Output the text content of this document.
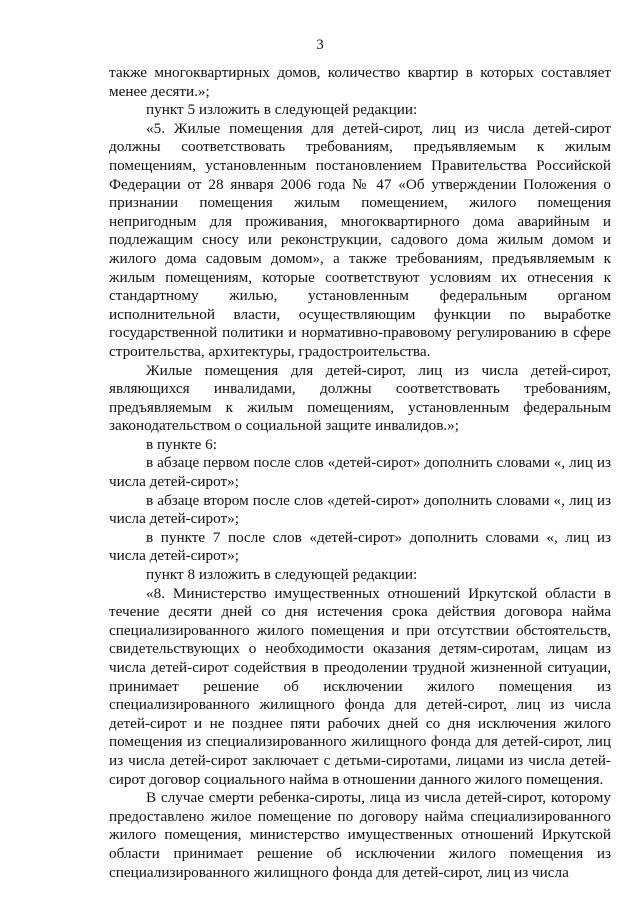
3

также многоквартирных домов, количество квартир в которых составляет менее десяти.»;

пункт 5 изложить в следующей редакции:

«5. Жилые помещения для детей-сирот, лиц из числа детей-сирот должны соответствовать требованиям, предъявляемым к жилым помещениям, установленным постановлением Правительства Российской Федерации от 28 января 2006 года № 47 «Об утверждении Положения о признании помещения жилым помещением, жилого помещения непригодным для проживания, многоквартирного дома аварийным и подлежащим сносу или реконструкции, садового дома жилым домом и жилого дома садовым домом», а также требованиям, предъявляемым к жилым помещениям, которые соответствуют условиям их отнесения к стандартному жилью, установленным федеральным органом исполнительной власти, осуществляющим функции по выработке государственной политики и нормативно-правовому регулированию в сфере строительства, архитектуры, градостроительства.

Жилые помещения для детей-сирот, лиц из числа детей-сирот, являющихся инвалидами, должны соответствовать требованиям, предъявляемым к жилым помещениям, установленным федеральным законодательством о социальной защите инвалидов.»;

в пункте 6:

в абзаце первом после слов «детей-сирот» дополнить словами «, лиц из числа детей-сирот»;

в абзаце втором после слов «детей-сирот» дополнить словами «, лиц из числа детей-сирот»;

в пункте 7 после слов «детей-сирот» дополнить словами «, лиц из числа детей-сирот»;

пункт 8 изложить в следующей редакции:

«8. Министерство имущественных отношений Иркутской области в течение десяти дней со дня истечения срока действия договора найма специализированного жилого помещения и при отсутствии обстоятельств, свидетельствующих о необходимости оказания детям-сиротам, лицам из числа детей-сирот содействия в преодолении трудной жизненной ситуации, принимает решение об исключении жилого помещения из специализированного жилищного фонда для детей-сирот, лиц из числа детей-сирот и не позднее пяти рабочих дней со дня исключения жилого помещения из специализированного жилищного фонда для детей-сирот, лиц из числа детей-сирот заключает с детьми-сиротами, лицами из числа детей-сирот договор социального найма в отношении данного жилого помещения.

В случае смерти ребенка-сироты, лица из числа детей-сирот, которому предоставлено жилое помещение по договору найма специализированного жилого помещения, министерство имущественных отношений Иркутской области принимает решение об исключении жилого помещения из специализированного жилищного фонда для детей-сирот, лиц из числа
